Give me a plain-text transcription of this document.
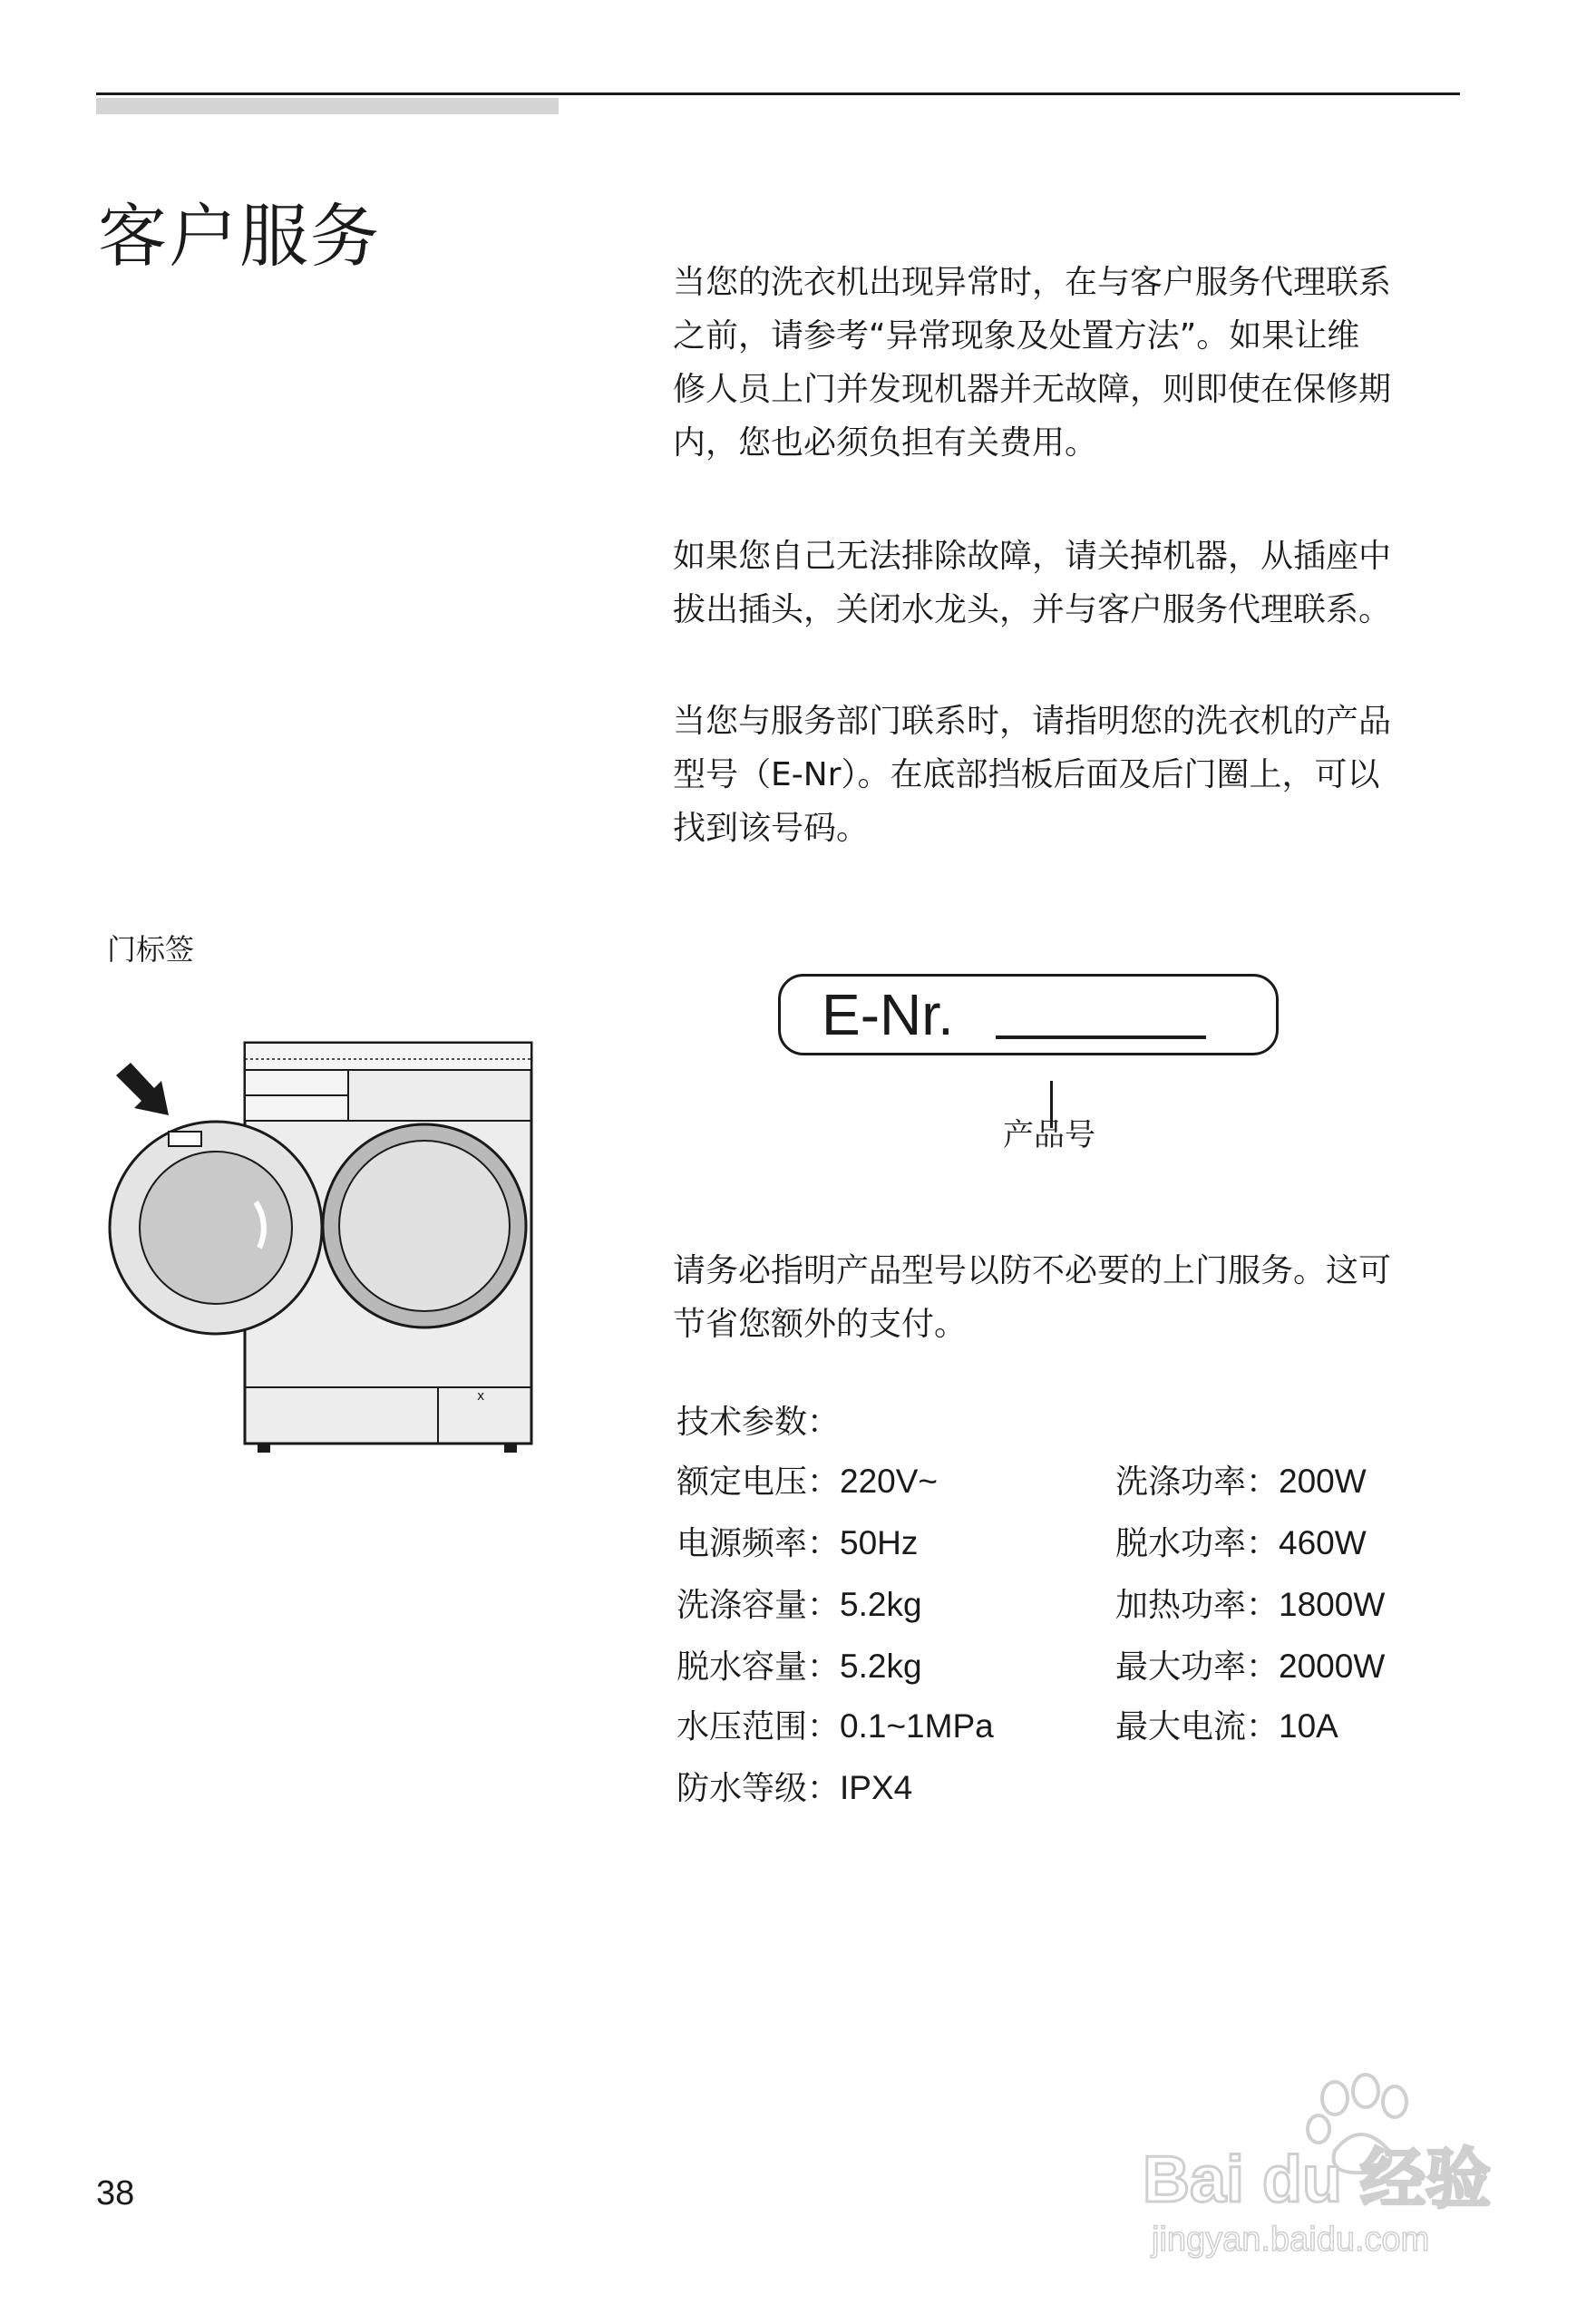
客户服务

当您的洗衣机出现异常时，在与客户服务代理联系

之前，请参考“异常现象及处置方法”。如果让维

修人员上门并发现机器并无故障，则即使在保修期

内，您也必须负担有关费用。

如果您自己无法排除故障，请关掉机器，从插座中

拔出插头，关闭水龙头，并与客户服务代理联系。

当您与服务部门联系时，请指明您的洗衣机的产品

型号（E-Nr）。在底部挡板后面及后门圈上，可以

找到该号码。

门标签
x
E-Nr.
产品号

请务必指明产品型号以防不必要的上门服务。这可

节省您额外的支付。

技术参数：
额定电压：220V~
电源频率：50Hz
洗涤容量：5.2kg
脱水容量：5.2kg
水压范围：0.1~1MPa
防水等级：IPX4
洗涤功率：200W
脱水功率：460W
加热功率：1800W
最大功率：2000W
最大电流：10A
38	Bai du 经验
jingyan.baidu.com
